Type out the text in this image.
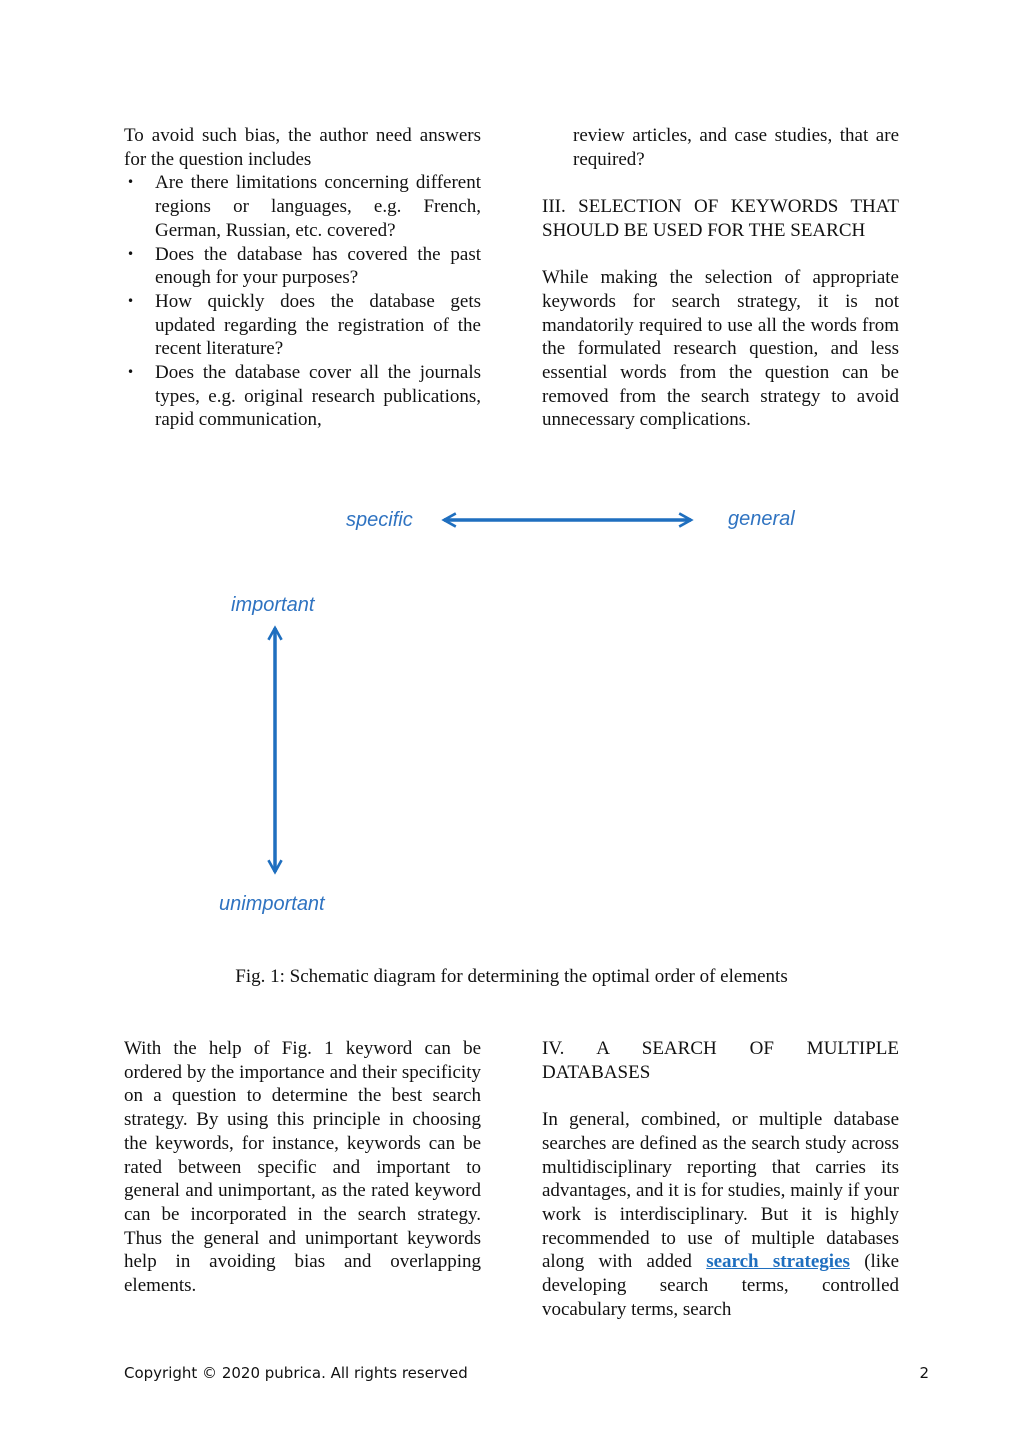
To avoid such bias, the author need answers for the question includes

• Are there limitations concerning different regions or languages, e.g. French, German, Russian, etc. covered?
• Does the database has covered the past enough for your purposes?
• How quickly does the database gets updated regarding the registration of the recent literature?
• Does the database cover all the journals types, e.g. original research publications, rapid communication,

review articles, and case studies, that are required?

III. SELECTION OF KEYWORDS THAT SHOULD BE USED FOR THE SEARCH

While making the selection of appropriate keywords for search strategy, it is not mandatorily required to use all the words from the formulated research question, and less essential words from the question can be removed from the search strategy to avoid unnecessary complications.

specific	general
important
unimportant
Fig. 1: Schematic diagram for determining the optimal order of elements

With the help of Fig. 1 keyword can be ordered by the importance and their specificity on a question to determine the best search strategy. By using this principle in choosing the keywords, for instance, keywords can be rated between specific and important to general and unimportant, as the rated keyword can be incorporated in the search strategy. Thus the general and unimportant keywords help in avoiding bias and overlapping elements.

IV. A SEARCH OF MULTIPLE DATABASES

In general, combined, or multiple database searches are defined as the search study across multidisciplinary reporting that carries its advantages, and it is for studies, mainly if your work is interdisciplinary. But it is highly recommended to use of multiple databases along with added search strategies (like developing search terms, controlled vocabulary terms, search

Copyright © 2020 pubrica. All rights reserved	2
